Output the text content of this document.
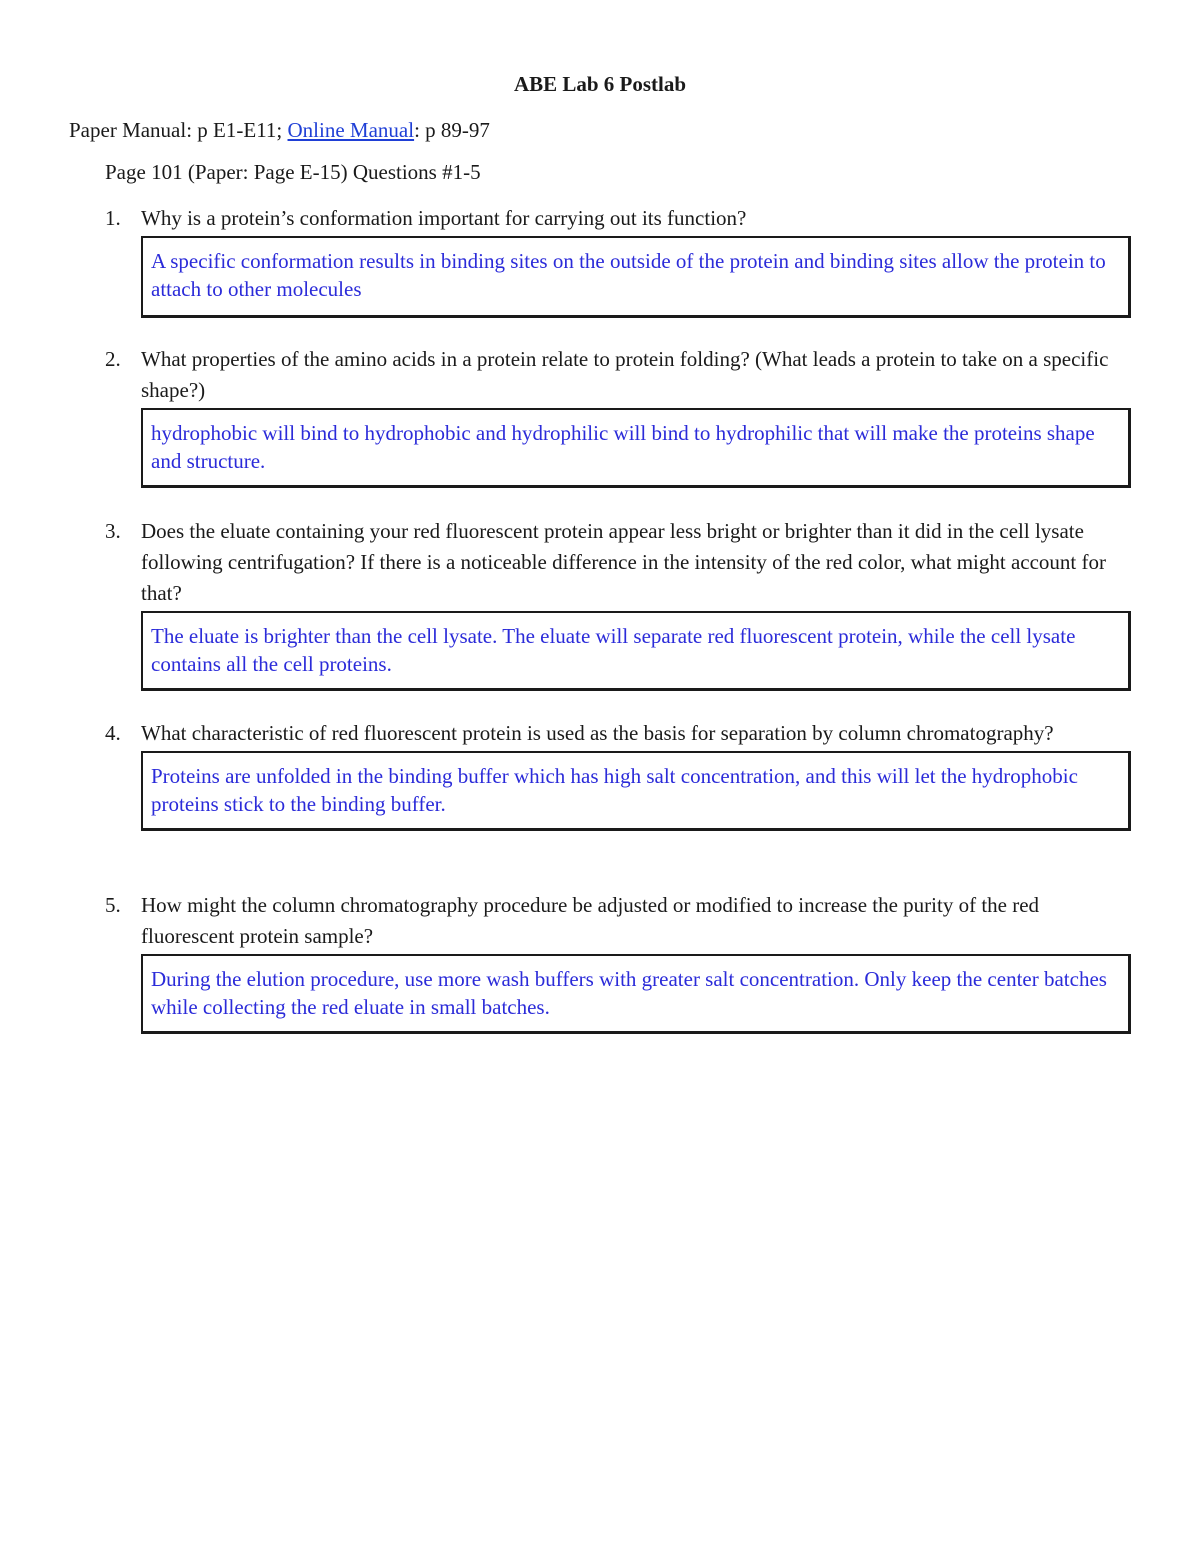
ABE Lab 6 Postlab
Paper Manual: p E1-E11; Online Manual: p 89-97
Page 101 (Paper: Page E-15) Questions #1-5
1. Why is a protein’s conformation important for carrying out its function?
A specific conformation results in binding sites on the outside of the protein and binding sites allow the protein to attach to other molecules
2. What properties of the amino acids in a protein relate to protein folding? (What leads a protein to take on a specific shape?)
hydrophobic will bind to hydrophobic and hydrophilic will bind to hydrophilic that will make the proteins shape and structure.
3. Does the eluate containing your red fluorescent protein appear less bright or brighter than it did in the cell lysate following centrifugation? If there is a noticeable difference in the intensity of the red color, what might account for that?
The eluate is brighter than the cell lysate. The eluate will separate red fluorescent protein, while the cell lysate contains all the cell proteins.
4. What characteristic of red fluorescent protein is used as the basis for separation by column chromatography?
Proteins are unfolded in the binding buffer which has high salt concentration, and this will let the hydrophobic proteins stick to the binding buffer.
5. How might the column chromatography procedure be adjusted or modified to increase the purity of the red fluorescent protein sample?
During the elution procedure, use more wash buffers with greater salt concentration. Only keep the center batches while collecting the red eluate in small batches.
